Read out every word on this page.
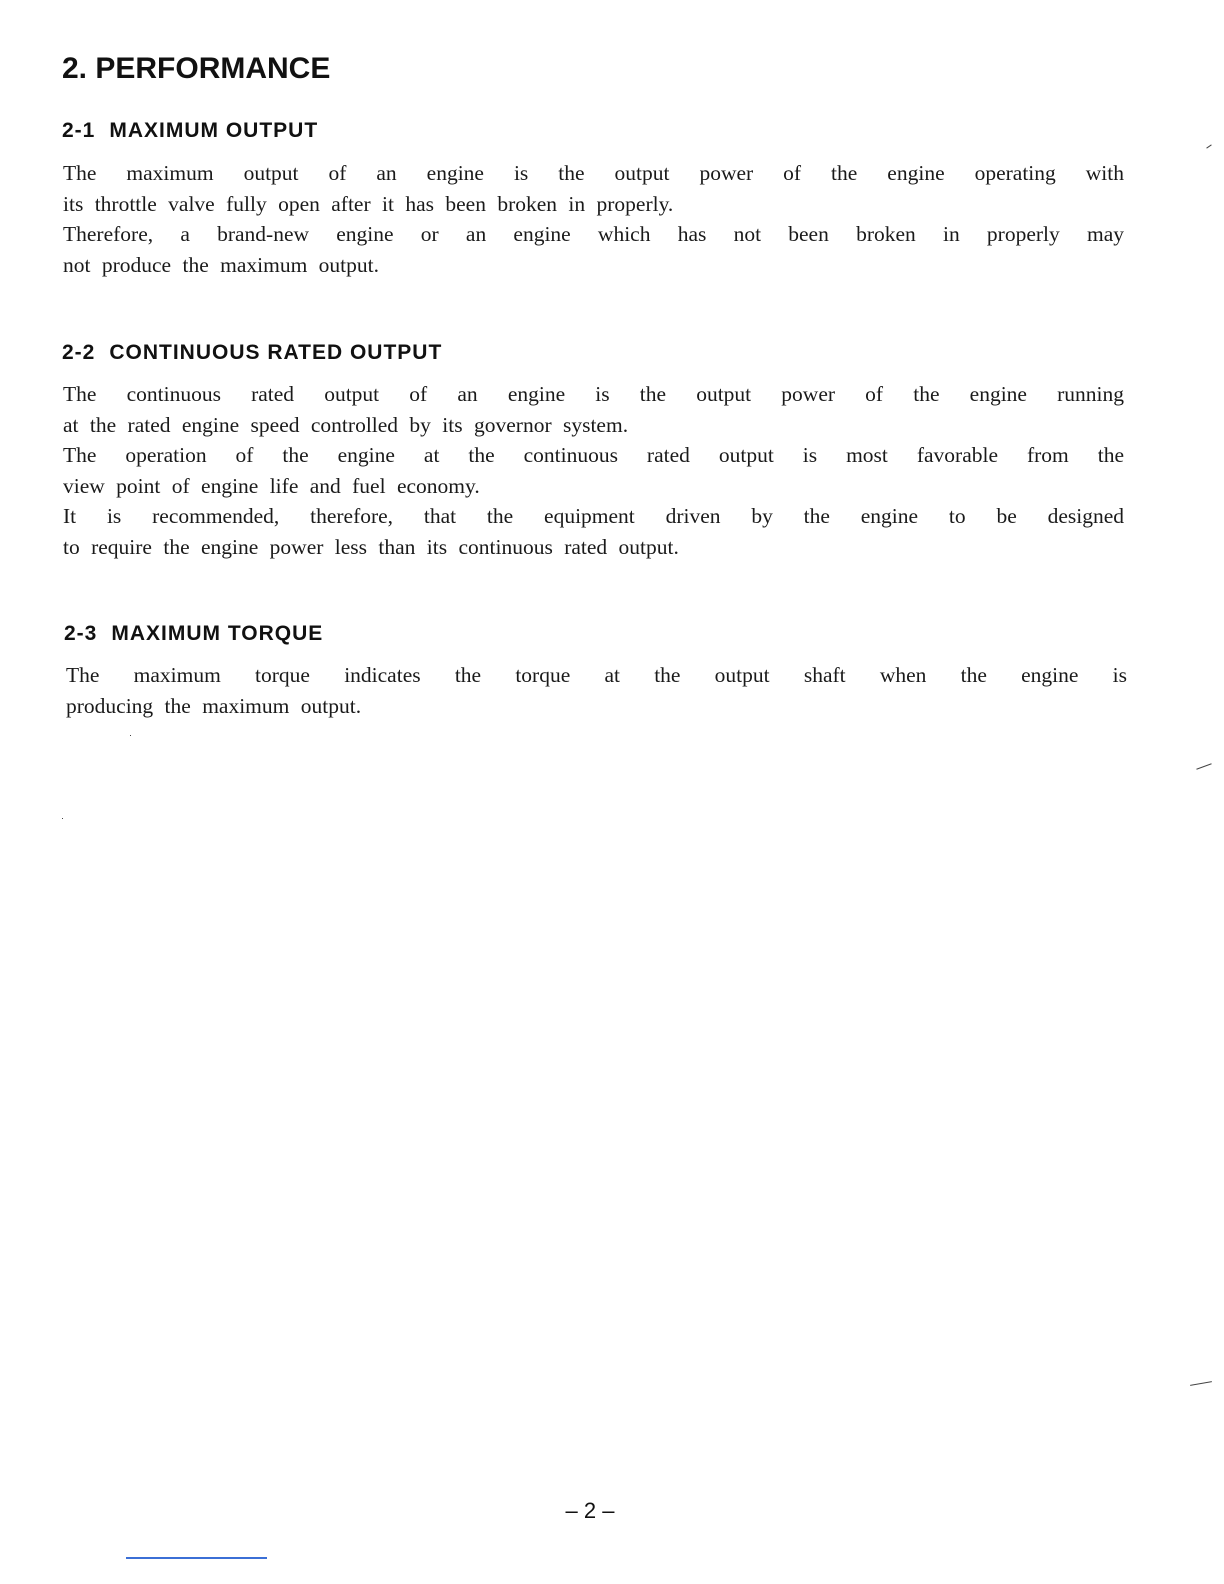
2. PERFORMANCE
2-1 MAXIMUM OUTPUT
The maximum output of an engine is the output power of the engine operating with
its throttle valve fully open after it has been broken in properly.
Therefore, a brand-new engine or an engine which has not been broken in properly may
not produce the maximum output.
2-2 CONTINUOUS RATED OUTPUT
The continuous rated output of an engine is the output power of the engine running
at the rated engine speed controlled by its governor system.
The operation of the engine at the continuous rated output is most favorable from the
view point of engine life and fuel economy.
It is recommended, therefore, that the equipment driven by the engine to be designed
to require the engine power less than its continuous rated output.
2-3 MAXIMUM TORQUE
The maximum torque indicates the torque at the output shaft when the engine is
producing the maximum output.
– 2 –
